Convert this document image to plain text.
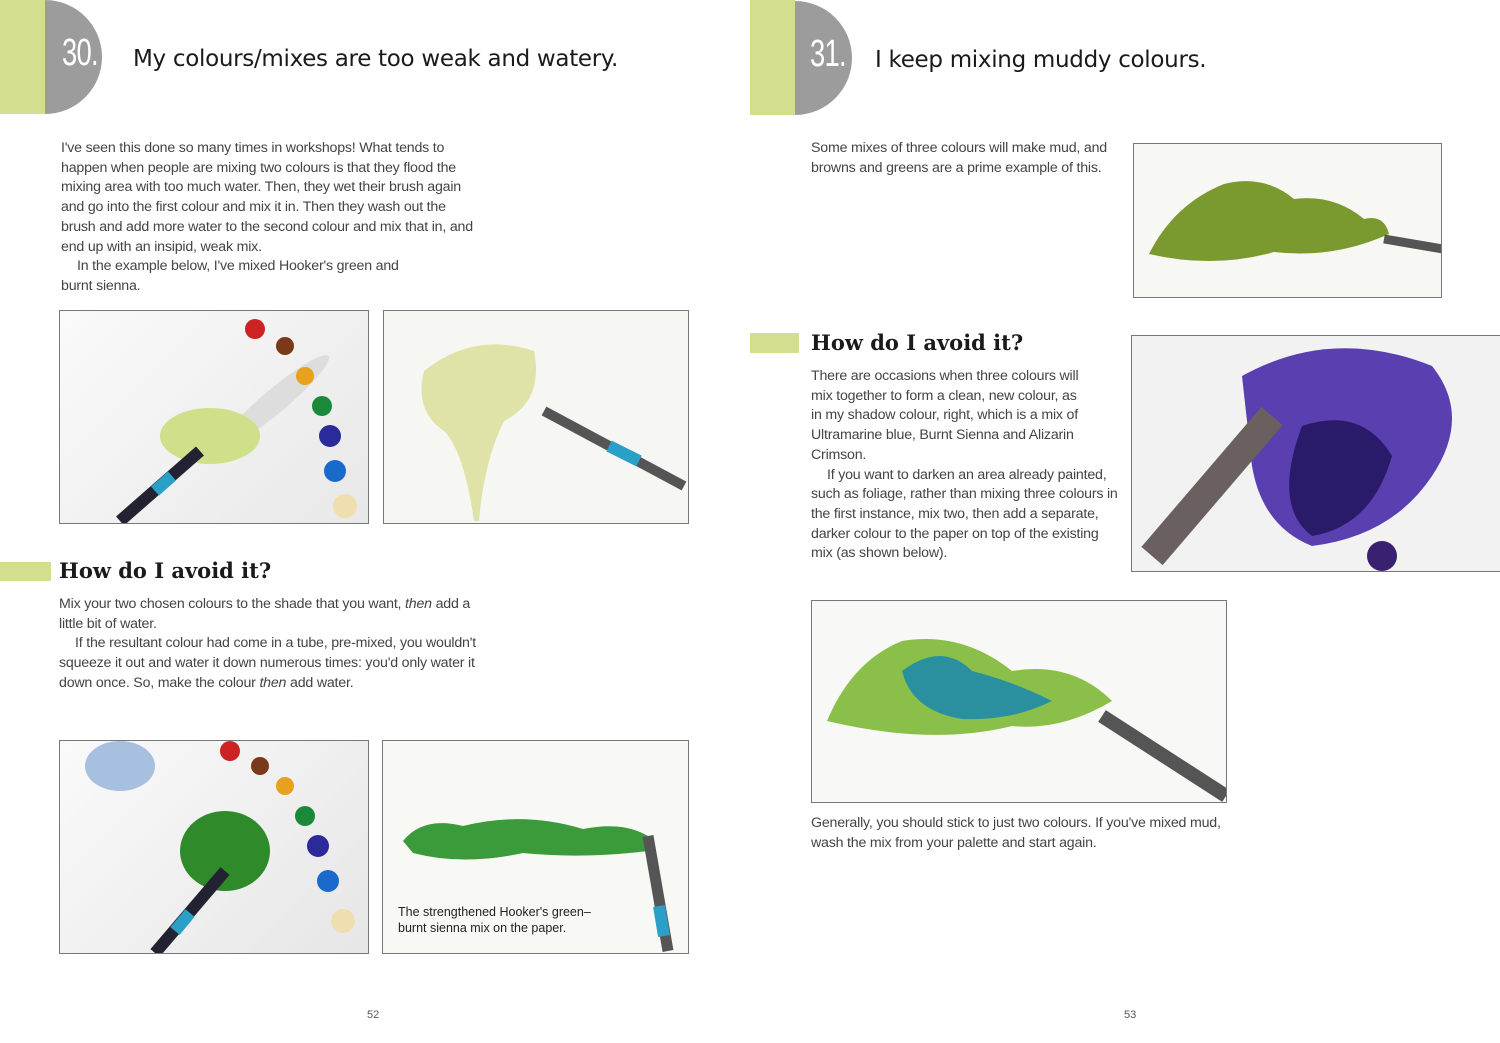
30. My colours/mixes are too weak and watery.

I've seen this done so many times in workshops! What tends to happen when people are mixing two colours is that they flood the mixing area with too much water. Then, they wet their brush again and go into the first colour and mix it in. Then they wash out the brush and add more water to the second colour and mix that in, and end up with an insipid, weak mix.

In the example below, I've mixed Hooker's green and burnt sienna.

How do I avoid it?

Mix your two chosen colours to the shade that you want, then add a little bit of water.

If the resultant colour had come in a tube, pre-mixed, you wouldn't squeeze it out and water it down numerous times: you'd only water it down once. So, make the colour then add water.

The strengthened Hooker's green–burnt sienna mix on the paper.
52
31. I keep mixing muddy colours.
Some mixes of three colours will make mud, and browns and greens are a prime example of this.
How do I avoid it?

There are occasions when three colours will mix together to form a clean, new colour, as in my shadow colour, right, which is a mix of Ultramarine blue, Burnt Sienna and Alizarin Crimson.

If you want to darken an area already painted, such as foliage, rather than mixing three colours in the first instance, mix two, then add a separate, darker colour to the paper on top of the existing mix (as shown below).

Generally, you should stick to just two colours. If you've mixed mud, wash the mix from your palette and start again.
53
